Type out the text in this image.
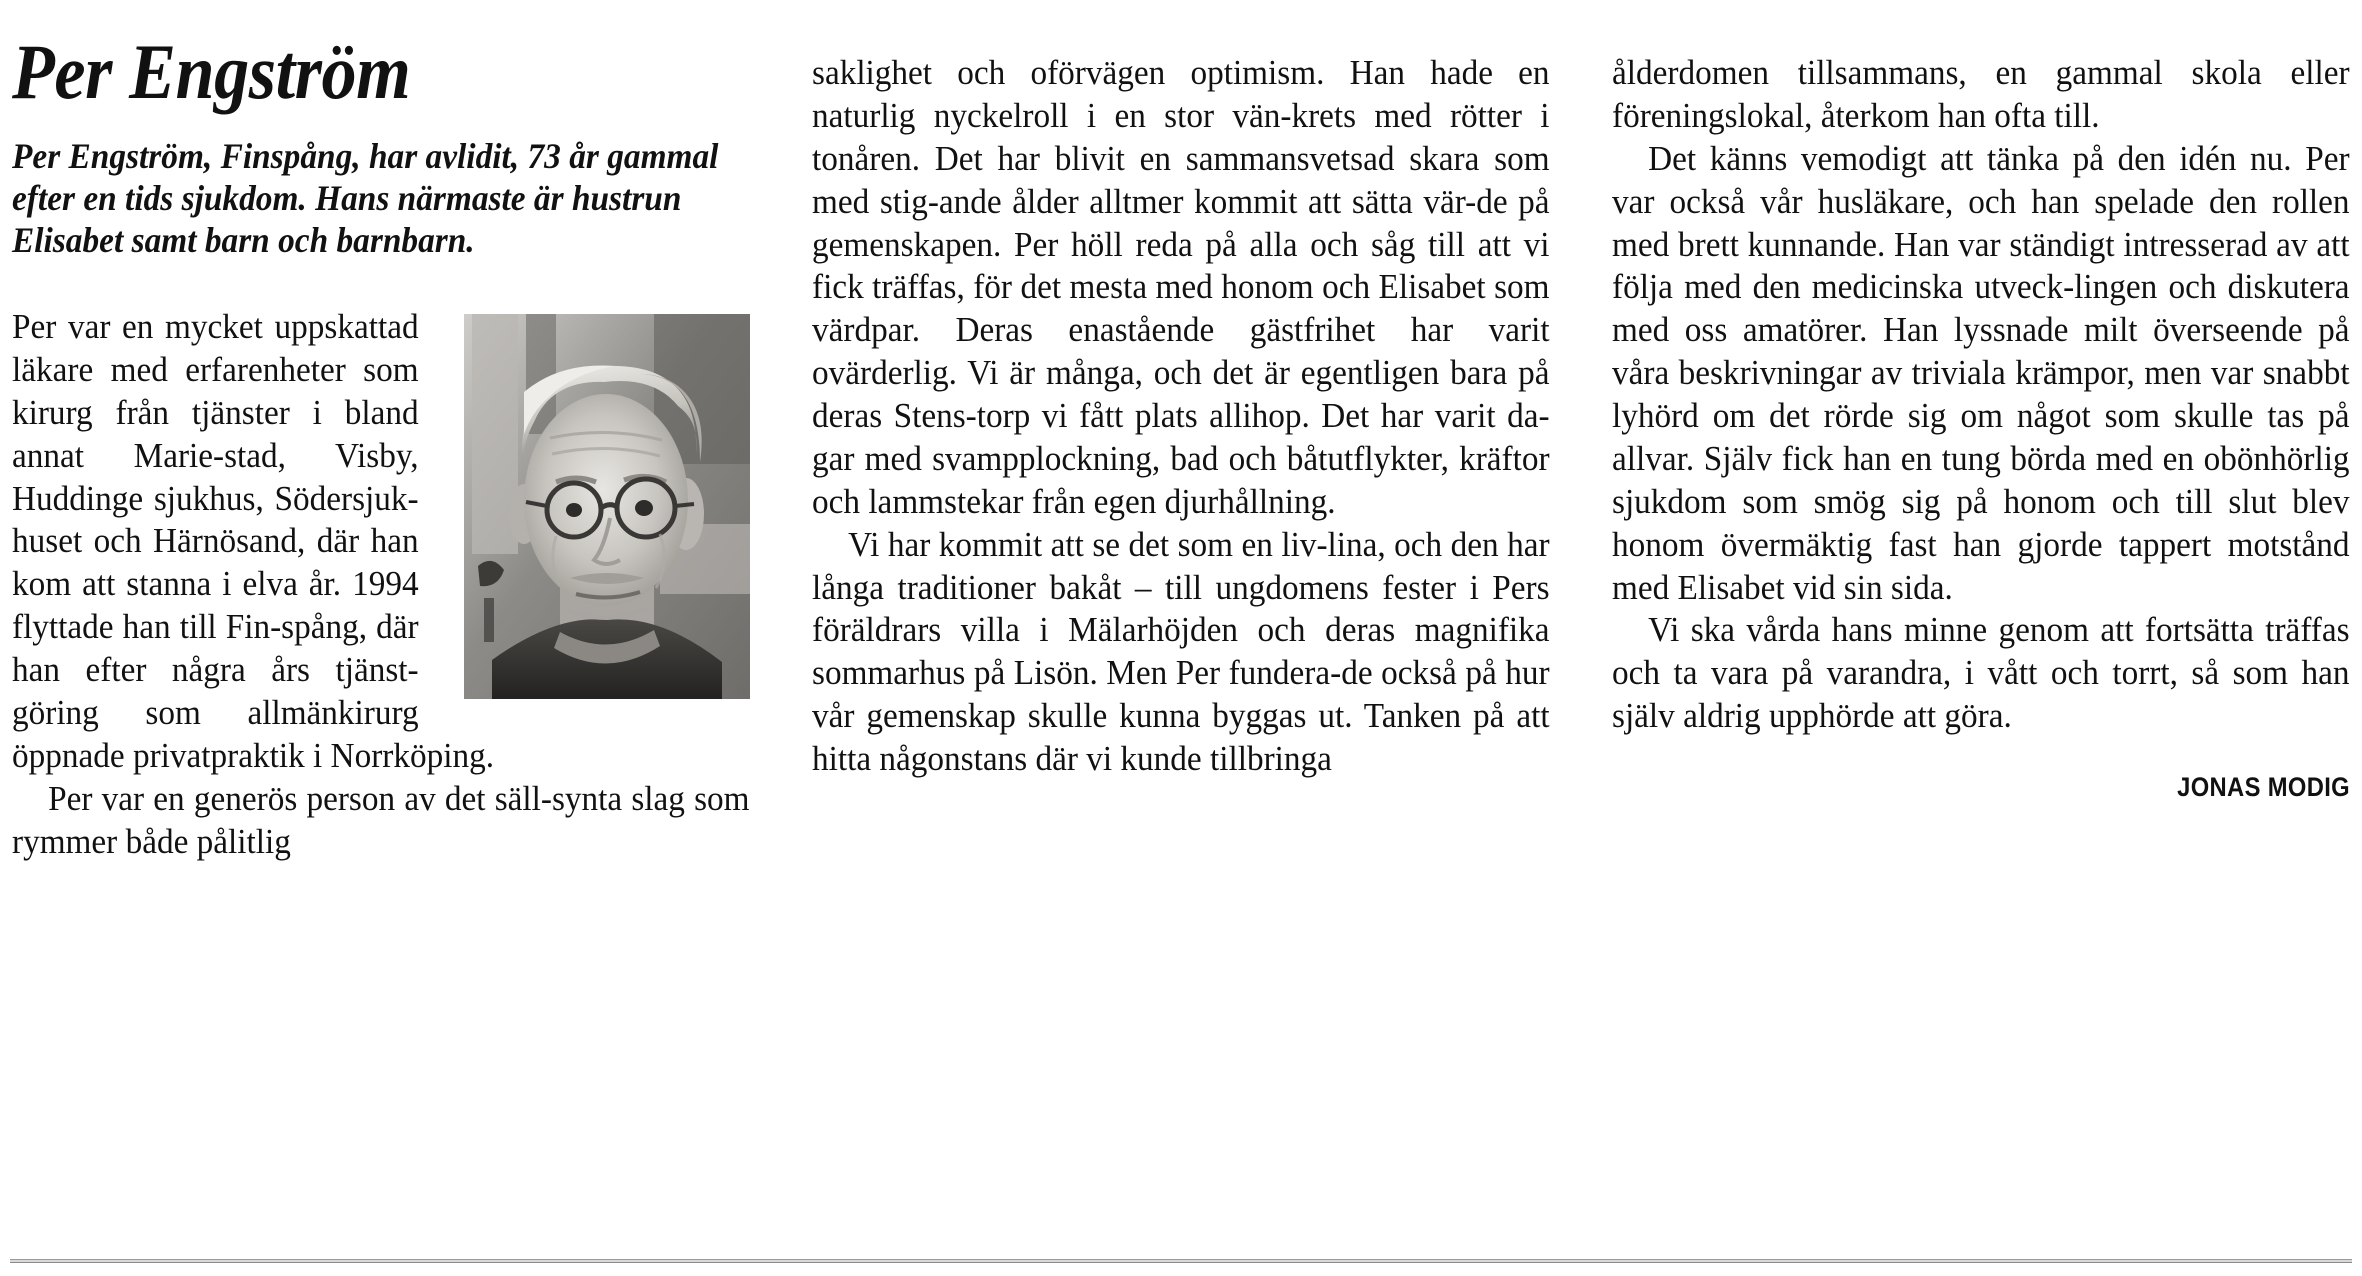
Per Engström

Per Engström, Finspång, har avlidit, 73 år gammal efter en tids sjukdom. Hans närmaste är hustrun Elisabet samt barn och barnbarn.

Per var en mycket uppskattad läkare med erfarenheter som kirurg från tjänster i bland annat Marie-stad, Visby, Huddinge sjukhus, Södersjuk-huset och Härnösand, där han kom att stanna i elva år. 1994 flyttade han till Fin-spång, där han efter några års tjänst-göring som allmänkirurg öppnade privatpraktik i Norrköping.

Per var en generös person av det säll-synta slag som rymmer både pålitlig

saklighet och oförvägen optimism. Han hade en naturlig nyckelroll i en stor vän-krets med rötter i tonåren. Det har blivit en sammansvetsad skara som med stig-ande ålder alltmer kommit att sätta vär-de på gemenskapen. Per höll reda på alla och såg till att vi fick träffas, för det mesta med honom och Elisabet som värdpar. Deras enastående gästfrihet har varit ovärderlig. Vi är många, och det är egentligen bara på deras Stens-torp vi fått plats allihop. Det har varit da-gar med svampplockning, bad och båtutflykter, kräftor och lammstekar från egen djurhållning.

Vi har kommit att se det som en liv-lina, och den har långa traditioner bakåt – till ungdomens fester i Pers föräldrars villa i Mälarhöjden och deras magnifika sommarhus på Lisön. Men Per fundera-de också på hur vår gemenskap skulle kunna byggas ut. Tanken på att hitta någonstans där vi kunde tillbringa

ålderdomen tillsammans, en gammal skola eller föreningslokal, återkom han ofta till.

Det känns vemodigt att tänka på den idén nu. Per var också vår husläkare, och han spelade den rollen med brett kunnande. Han var ständigt intresserad av att följa med den medicinska utveck-lingen och diskutera med oss amatörer. Han lyssnade milt överseende på våra beskrivningar av triviala krämpor, men var snabbt lyhörd om det rörde sig om något som skulle tas på allvar. Själv fick han en tung börda med en obönhörlig sjukdom som smög sig på honom och till slut blev honom övermäktig fast han gjorde tappert motstånd med Elisabet vid sin sida.

Vi ska vårda hans minne genom att fortsätta träffas och ta vara på varandra, i vått och torrt, så som han själv aldrig upphörde att göra.

JONAS MODIG
